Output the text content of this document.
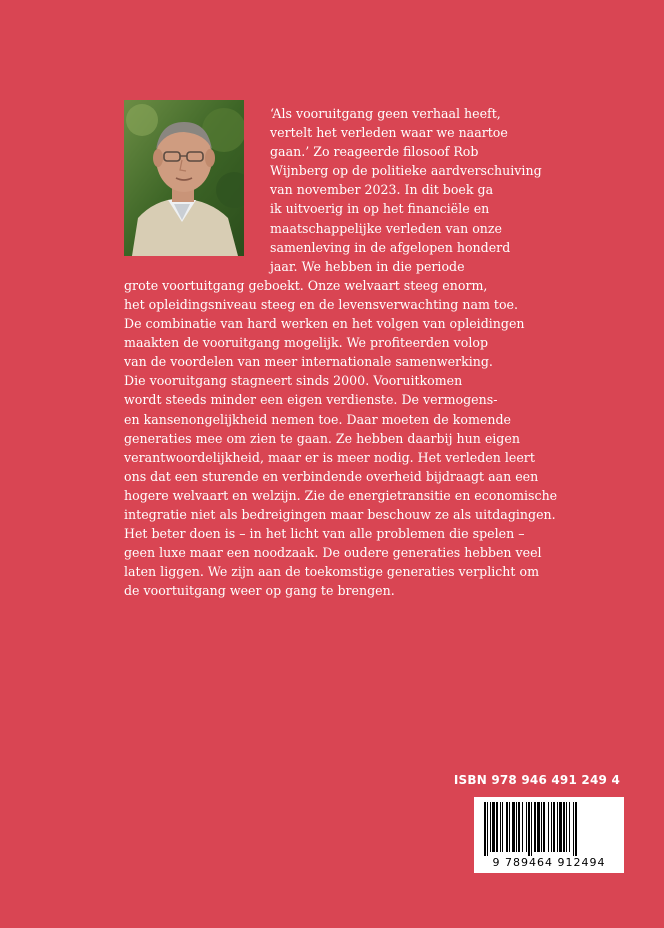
‘Als vooruitgang geen verhaal heeft,
vertelt het verleden waar we naartoe
gaan.’ Zo reageerde filosoof Rob
Wijnberg op de politieke aardverschuiving
van november 2023. In dit boek ga
ik uitvoerig in op het financiële en
maatschappelijke verleden van onze
samenleving in de afgelopen honderd
jaar. We hebben in die periode
grote voortuitgang geboekt. Onze welvaart steeg enorm,
het opleidingsniveau steeg en de levensverwachting nam toe.
De combinatie van hard werken en het volgen van opleidingen
maakten de vooruitgang mogelijk. We profiteerden volop
van de voordelen van meer internationale samenwerking.
Die vooruitgang stagneert sinds 2000. Vooruitkomen
wordt steeds minder een eigen verdienste. De vermogens-
en kansenongelijkheid nemen toe. Daar moeten de komende
generaties mee om zien te gaan. Ze hebben daarbij hun eigen
verantwoordelijkheid, maar er is meer nodig. Het verleden leert
ons dat een sturende en verbindende overheid bijdraagt aan een
hogere welvaart en welzijn. Zie de energietransitie en economische
integratie niet als bedreigingen maar beschouw ze als uitdagingen.
Het beter doen is – in het licht van alle problemen die spelen –
geen luxe maar een noodzaak. De oudere generaties hebben veel
laten liggen. We zijn aan de toekomstige generaties verplicht om
de voortuitgang weer op gang te brengen.
ISBN 978 946 491 249 4
9 789464 912494
